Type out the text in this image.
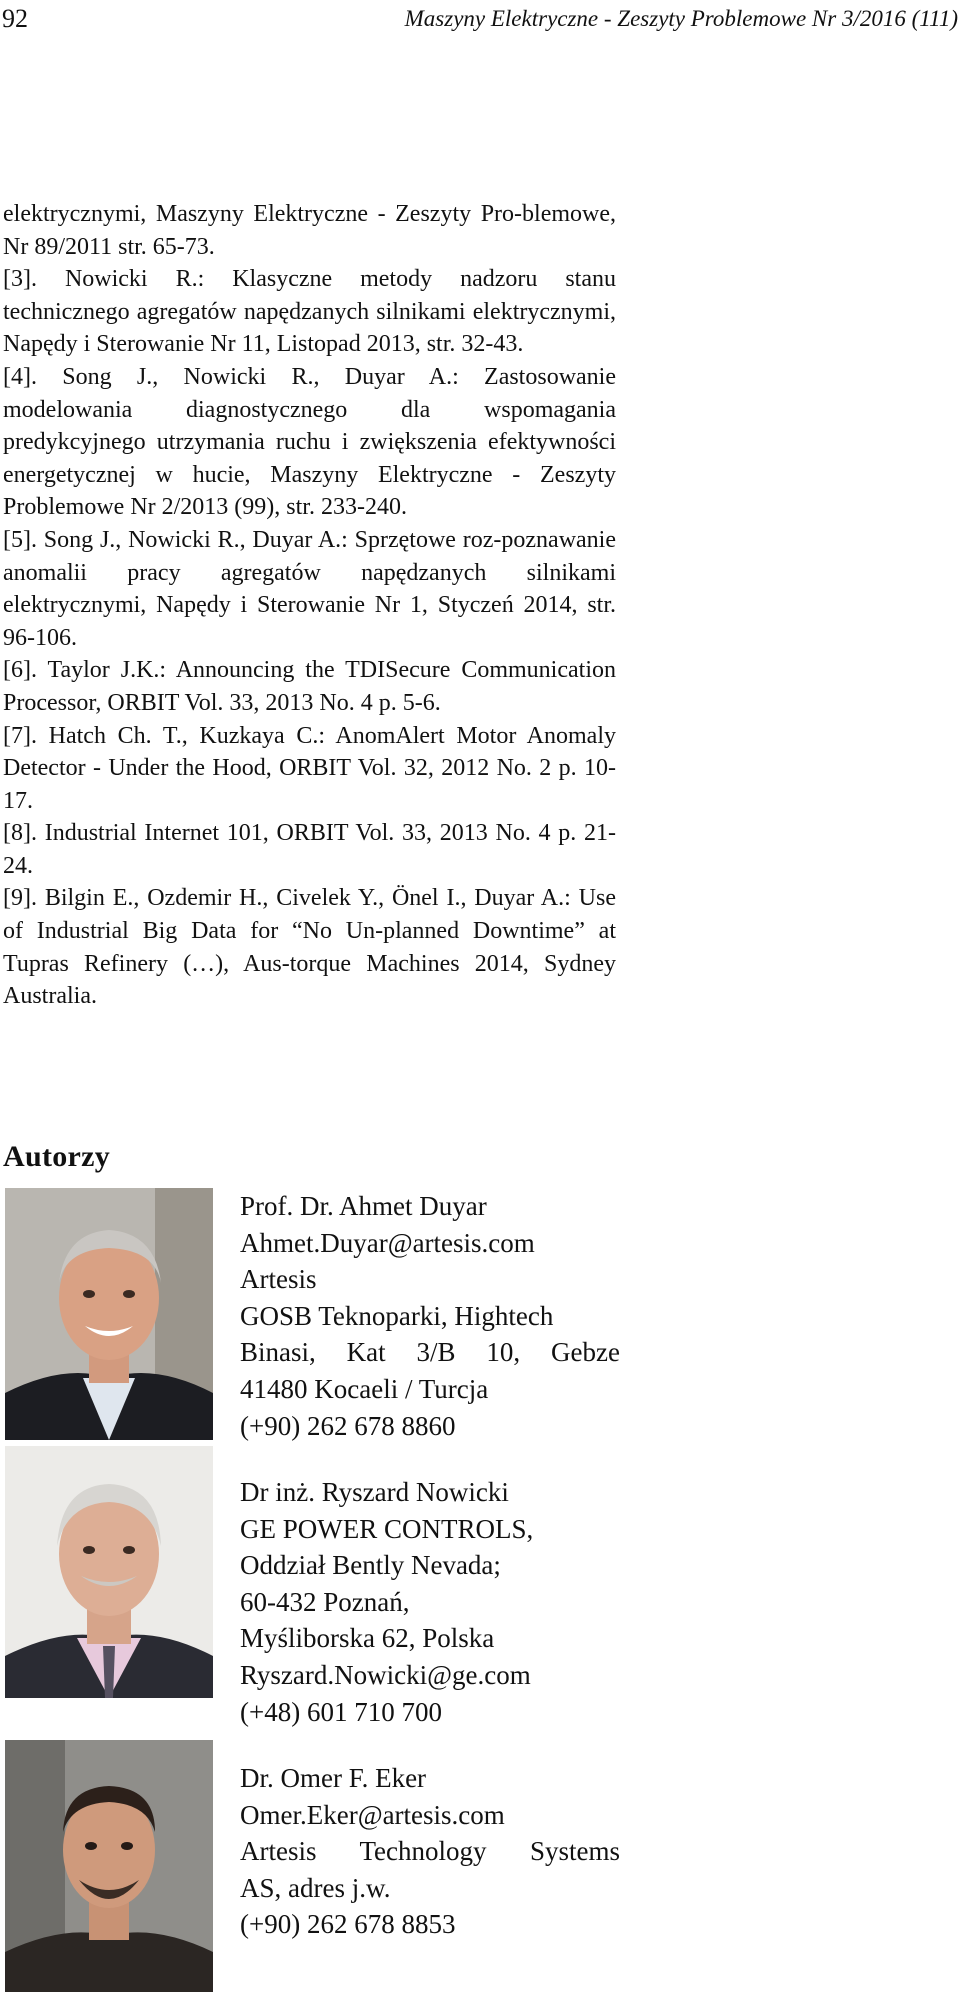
92	Maszyny Elektryczne - Zeszyty Problemowe Nr 3/2016 (111)

elektrycznymi, Maszyny Elektryczne - Zeszyty Pro-blemowe, Nr 89/2011 str. 65-73.

[3]. Nowicki R.: Klasyczne metody nadzoru stanu technicznego agregatów napędzanych silnikami elektrycznymi, Napędy i Sterowanie Nr 11, Listopad 2013, str. 32-43.

[4]. Song J., Nowicki R., Duyar A.: Zastosowanie modelowania diagnostycznego dla wspomagania predykcyjnego utrzymania ruchu i zwiększenia efektywności energetycznej w hucie, Maszyny Elektryczne - Zeszyty Problemowe Nr 2/2013 (99), str. 233-240.

[5]. Song J., Nowicki R., Duyar A.: Sprzętowe roz-poznawanie anomalii pracy agregatów napędzanych silnikami elektrycznymi, Napędy i Sterowanie Nr 1, Styczeń 2014, str. 96-106.

[6]. Taylor J.K.: Announcing the TDISecure Communication Processor, ORBIT Vol. 33, 2013 No. 4 p. 5-6.

[7]. Hatch Ch. T., Kuzkaya C.: AnomAlert Motor Anomaly Detector - Under the Hood, ORBIT Vol. 32, 2012 No. 2 p. 10-17.

[8]. Industrial Internet 101, ORBIT Vol. 33, 2013 No. 4 p. 21-24.

[9]. Bilgin E., Ozdemir H., Civelek Y., Önel I., Duyar A.: Use of Industrial Big Data for “No Un-planned Downtime” at Tupras Refinery (…), Aus-torque Machines 2014, Sydney Australia.

Autorzy
Prof. Dr. Ahmet Duyar
Ahmet.Duyar@artesis.com
Artesis
GOSB Teknoparki, Hightech
Binasi, Kat 3/B 10, Gebze
41480 Kocaeli / Turcja
(+90) 262 678 8860
Dr inż. Ryszard Nowicki
GE POWER CONTROLS,
Oddział Bently Nevada;
60-432 Poznań,
Myśliborska 62, Polska
Ryszard.Nowicki@ge.com
(+48) 601 710 700
Dr. Omer F. Eker
Omer.Eker@artesis.com
Artesis Technology Systems
AS, adres j.w.
(+90) 262 678 8853
